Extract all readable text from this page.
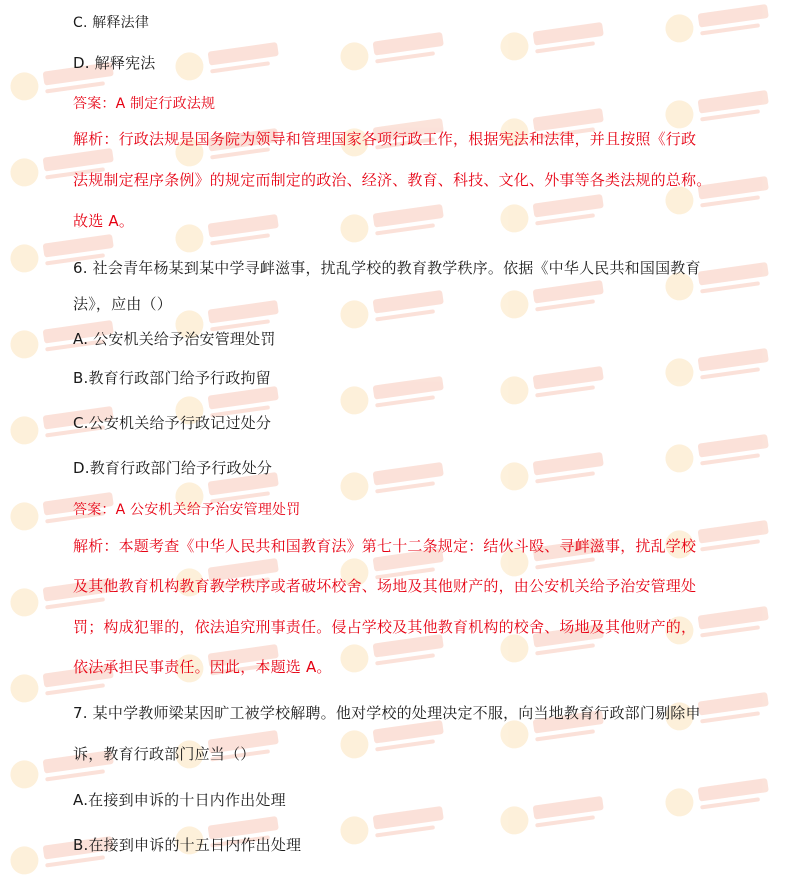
C. 解释法律

D. 解释宪法

答案：A 制定行政法规

解析：行政法规是国务院为领导和管理国家各项行政工作，根据宪法和法律，并且按照《行政

法规制定程序条例》的规定而制定的政治、经济、教育、科技、文化、外事等各类法规的总称。

故选 A。

6. 社会青年杨某到某中学寻衅滋事，扰乱学校的教育教学秩序。依据《中华人民共和国国教育

法》，应由（）

A. 公安机关给予治安管理处罚

B.教育行政部门给予行政拘留

C.公安机关给予行政记过处分

D.教育行政部门给予行政处分

答案：A 公安机关给予治安管理处罚

解析：本题考查《中华人民共和国教育法》第七十二条规定：结伙斗殴、寻衅滋事，扰乱学校

及其他教育机构教育教学秩序或者破坏校舍、场地及其他财产的，由公安机关给予治安管理处

罚；构成犯罪的，依法追究刑事责任。侵占学校及其他教育机构的校舍、场地及其他财产的，

依法承担民事责任。因此，本题选 A。

7. 某中学教师梁某因旷工被学校解聘。他对学校的处理决定不服，向当地教育行政部门剔除申

诉，教育行政部门应当（）

A.在接到申诉的十日内作出处理

B.在接到申诉的十五日内作出处理
